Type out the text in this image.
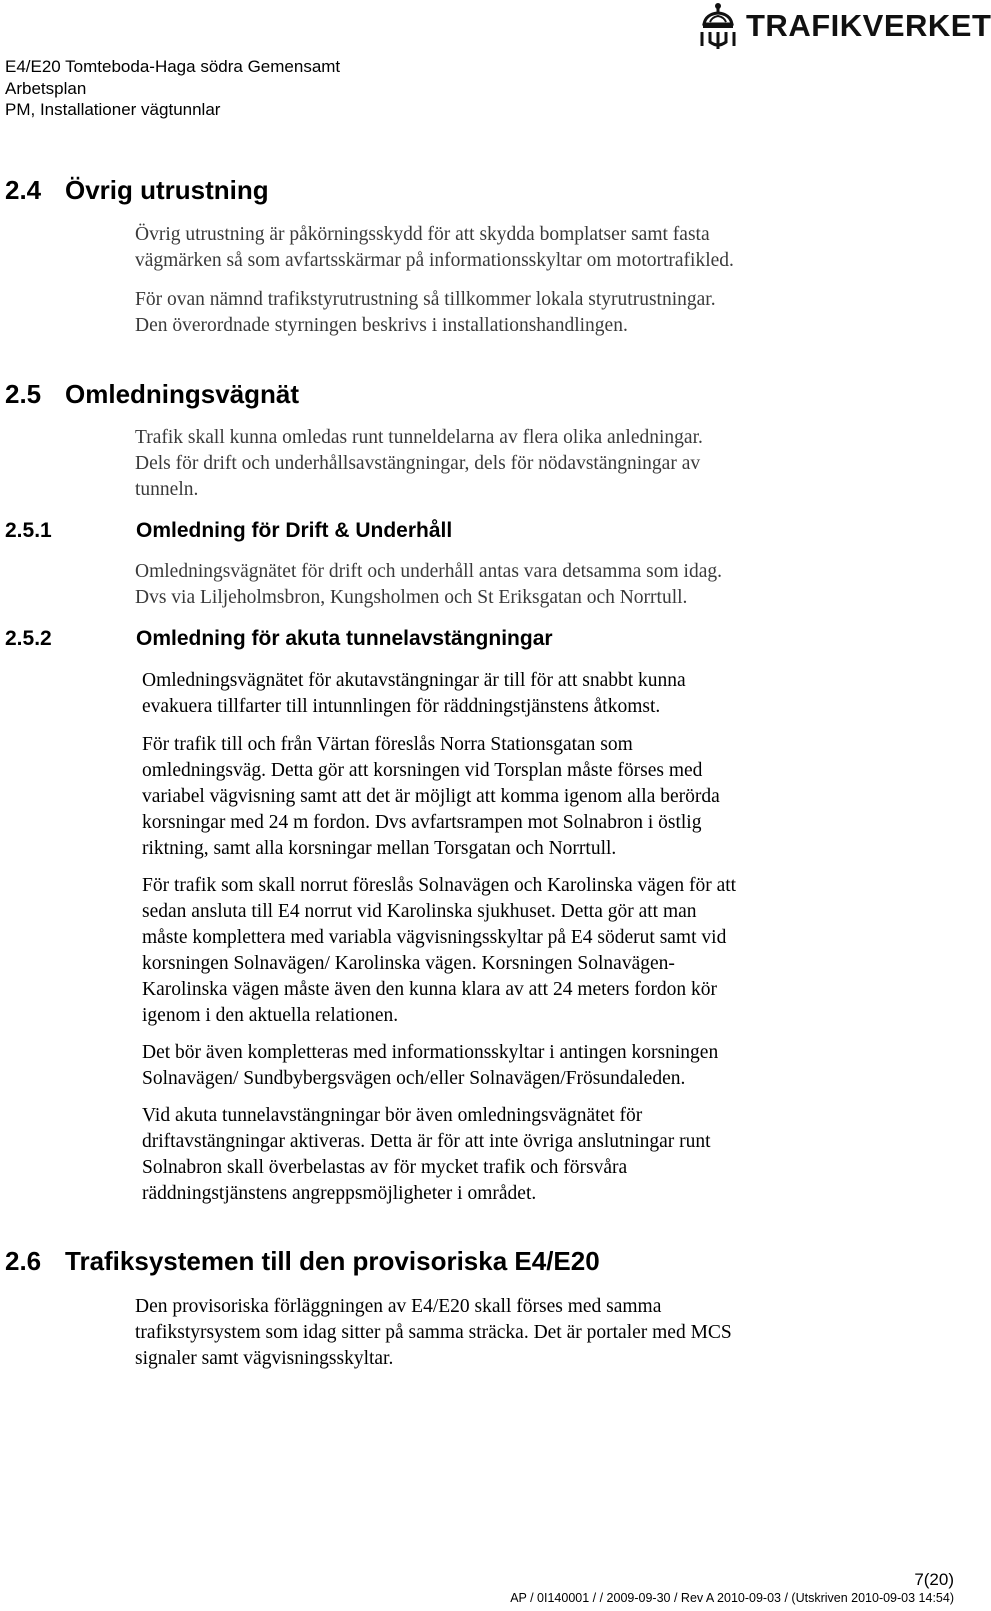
E4/E20 Tomteboda-Haga södra Gemensamt
Arbetsplan
PM, Installationer vägtunnlar
TRAFIKVERKET
2.4 Övrig utrustning
Övrig utrustning är påkörningsskydd för att skydda bomplatser samt fasta
vägmärken så som avfartsskärmar på informationsskyltar om motortrafikled.
För ovan nämnd trafikstyrutrustning så tillkommer lokala styrutrustningar.
Den överordnade styrningen beskrivs i installationshandlingen.
2.5 Omledningsvägnät
Trafik skall kunna omledas runt tunneldelarna av flera olika anledningar.
Dels för drift och underhållsavstängningar, dels för nödavstängningar av
tunneln.
2.5.1	Omledning för Drift & Underhåll
Omledningsvägnätet för drift och underhåll antas vara detsamma som idag.
Dvs via Liljeholmsbron, Kungsholmen och St Eriksgatan och Norrtull.
2.5.2	Omledning för akuta tunnelavstängningar
Omledningsvägnätet för akutavstängningar är till för att snabbt kunna
evakuera tillfarter till intunnlingen för räddningstjänstens åtkomst.
För trafik till och från Värtan föreslås Norra Stationsgatan som
omledningsväg. Detta gör att korsningen vid Torsplan måste förses med
variabel vägvisning samt att det är möjligt att komma igenom alla berörda
korsningar med 24 m fordon. Dvs avfartsrampen mot Solnabron i östlig
riktning, samt alla korsningar mellan Torsgatan och Norrtull.
För trafik som skall norrut föreslås Solnavägen och Karolinska vägen för att
sedan ansluta till E4 norrut vid Karolinska sjukhuset. Detta gör att man
måste komplettera med variabla vägvisningsskyltar på E4 söderut samt vid
korsningen Solnavägen/ Karolinska vägen. Korsningen Solnavägen-
Karolinska vägen måste även den kunna klara av att 24 meters fordon kör
igenom i den aktuella relationen.
Det bör även kompletteras med informationsskyltar i antingen korsningen
Solnavägen/ Sundbybergsvägen och/eller Solnavägen/Frösundaleden.
Vid akuta tunnelavstängningar bör även omledningsvägnätet för
driftavstängningar aktiveras. Detta är för att inte övriga anslutningar runt
Solnabron skall överbelastas av för mycket trafik och försvåra
räddningstjänstens angreppsmöjligheter i området.
2.6 Trafiksystemen till den provisoriska E4/E20
Den provisoriska förläggningen av E4/E20 skall förses med samma
trafikstyrsystem som idag sitter på samma sträcka. Det är portaler med MCS
signaler samt vägvisningsskyltar.
7(20)
AP / 0I140001 / / 2009-09-30 / Rev A 2010-09-03 / (Utskriven 2010-09-03 14:54)
